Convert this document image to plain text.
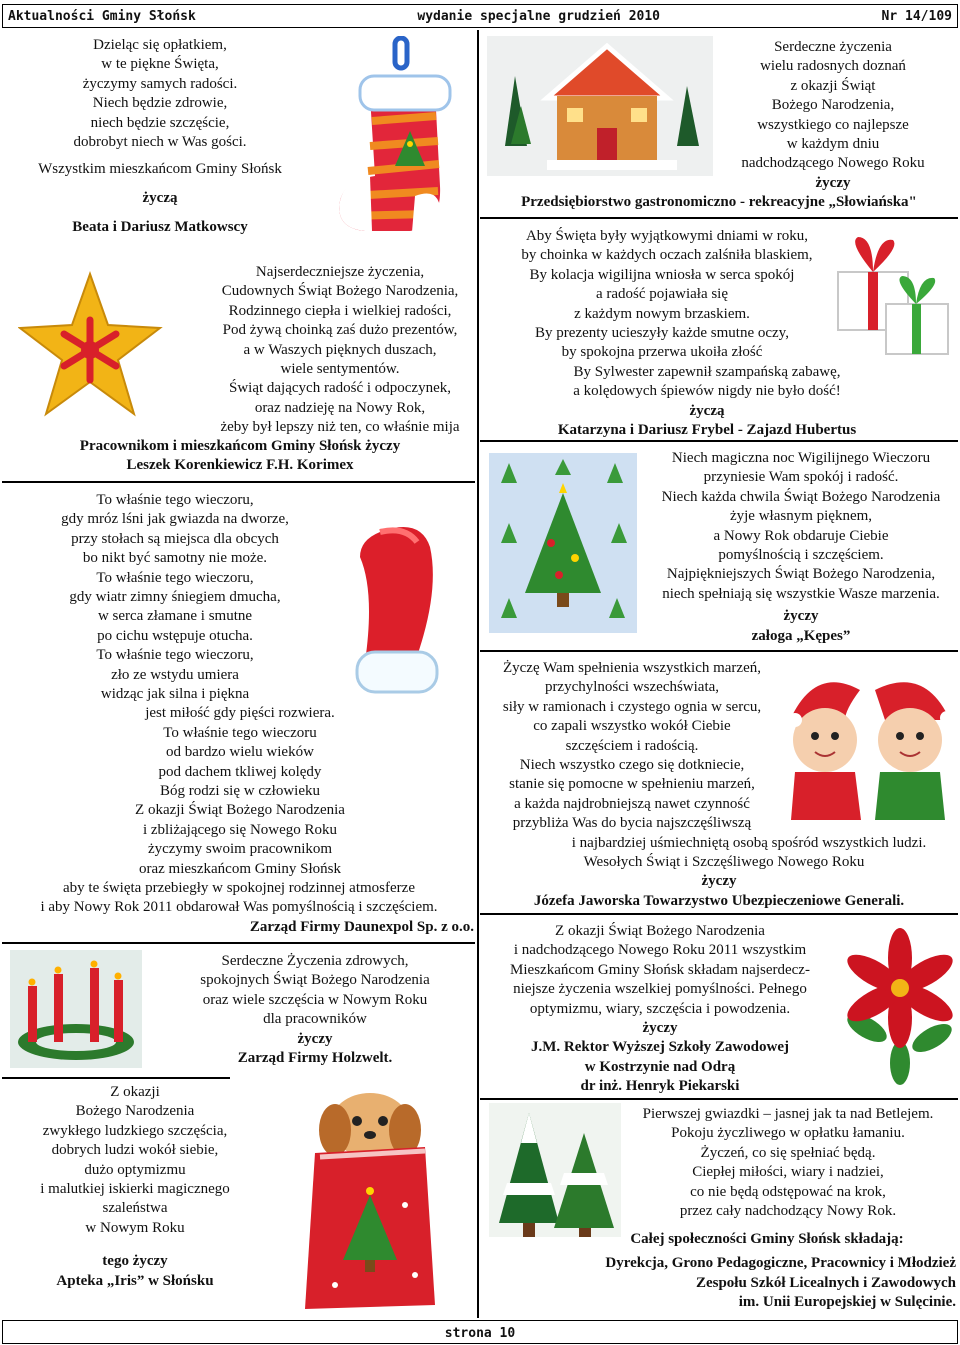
Aktualności Gminy Słońsk	wydanie specjalne grudzień 2010	Nr 14/109
strona 10
Dzieląc się opłatkiem,
w te piękne Święta,
życzymy samych radości.
Niech będzie zdrowie,
niech będzie szczęście,
dobrobyt niech w Was gości.
Wszystkim mieszkańcom Gminy Słońsk
życzą
Beata i Dariusz Matkowscy
Najserdeczniejsze życzenia,
Cudownych Świąt Bożego Narodzenia,
Rodzinnego ciepła i wielkiej radości,
Pod żywą choinką zaś dużo prezentów,
a w Waszych pięknych duszach,
wiele sentymentów.
Świąt dających radość i odpoczynek,
oraz nadzieję na Nowy Rok,
żeby był lepszy niż ten, co właśnie mija
Pracownikom i mieszkańcom Gminy Słońsk życzy
Leszek Korenkiewicz F.H. Korimex
To właśnie tego wieczoru,
gdy mróz lśni jak gwiazda na dworze,
przy stołach są miejsca dla obcych
bo nikt być samotny nie może.
To właśnie tego wieczoru,
gdy wiatr zimny śniegiem dmucha,
w serca złamane i smutne
po cichu wstępuje otucha.
To właśnie tego wieczoru,
zło ze wstydu umiera
widząc jak silna i piękna
jest miłość gdy pięści rozwiera.
To właśnie tego wieczoru
od bardzo wielu wieków
pod dachem tkliwej kolędy
Bóg rodzi się w człowieku
Z okazji Świąt Bożego Narodzenia
i zbliżającego się Nowego Roku
życzymy swoim pracownikom
oraz mieszkańcom Gminy Słońsk
aby te święta przebiegły w spokojnej rodzinnej atmosferze
i aby Nowy Rok 2011 obdarował Was pomyślnością i szczęściem.
Zarząd Firmy Daunexpol Sp. z o.o.
Serdeczne Życzenia zdrowych,
spokojnych Świąt Bożego Narodzenia
oraz wiele szczęścia w Nowym Roku
dla pracowników
życzy
Zarząd Firmy Holzwelt.
Z okazji
Bożego Narodzenia
zwykłego ludzkiego szczęścia,
dobrych ludzi wokół siebie,
dużo optymizmu
i malutkiej iskierki magicznego
szaleństwa
w Nowym Roku
tego życzy
Apteka „Iris” w Słońsku
Serdeczne życzenia
wielu radosnych doznań
z okazji Świąt
Bożego Narodzenia,
wszystkiego co najlepsze
w każdym dniu
nadchodzącego Nowego Roku
życzy
Przedsiębiorstwo gastronomiczno - rekreacyjne „Słowiańska"
Aby Święta były wyjątkowymi dniami w roku,
by choinka w każdych oczach zalśniła blaskiem,
By kolacja wigilijna wniosła w serca spokój
a radość pojawiała się
z każdym nowym brzaskiem.
By prezenty ucieszyły każde smutne oczy,
by spokojna przerwa ukoiła złość
By Sylwester zapewnił szampańską zabawę,
a kolędowych śpiewów nigdy nie było dość!
życzą
Katarzyna i Dariusz Frybel - Zajazd Hubertus
Niech magiczna noc Wigilijnego Wieczoru
przyniesie Wam spokój i radość.
Niech każda chwila Świąt Bożego Narodzenia
żyje własnym pięknem,
a Nowy Rok obdaruje Ciebie
pomyślnością i szczęściem.
Najpiękniejszych Świąt Bożego Narodzenia,
niech spełniają się wszystkie Wasze marzenia.
życzy
załoga „Kępes”
Życzę Wam spełnienia wszystkich marzeń,
przychylności wszechświata,
siły w ramionach i czystego ognia w sercu,
co zapali wszystko wokół Ciebie
szczęściem i radością.
Niech wszystko czego się dotkniecie,
stanie się pomocne w spełnieniu marzeń,
a każda najdrobniejszą nawet czynność
przybliża Was do bycia najszczęśliwszą
i najbardziej uśmiechniętą osobą spośród wszystkich ludzi.
Wesołych Świąt i Szczęśliwego Nowego Roku
życzy
Józefa Jaworska Towarzystwo Ubezpieczeniowe Generali.
Z okazji Świąt Bożego Narodzenia
i nadchodzącego Nowego Roku 2011 wszystkim
Mieszkańcom Gminy Słońsk składam najserdecz-
niejsze życzenia wszelkiej pomyślności. Pełnego
optymizmu, wiary, szczęścia i powodzenia.
życzy
J.M. Rektor Wyższej Szkoły Zawodowej
w Kostrzynie nad Odrą
dr inż. Henryk Piekarski
Pierwszej gwiazdki – jasnej jak ta nad Betlejem.
Pokoju życzliwego w opłatku łamaniu.
Życzeń, co się spełniać będą.
Ciepłej miłości, wiary i nadziei,
co nie będą odstępować na krok,
przez cały nadchodzący Nowy Rok.
Całej społeczności Gminy Słońsk składają:
Dyrekcja, Grono Pedagogiczne, Pracownicy i Młodzież
Zespołu Szkół Licealnych i Zawodowych
im. Unii Europejskiej w Sulęcinie.
